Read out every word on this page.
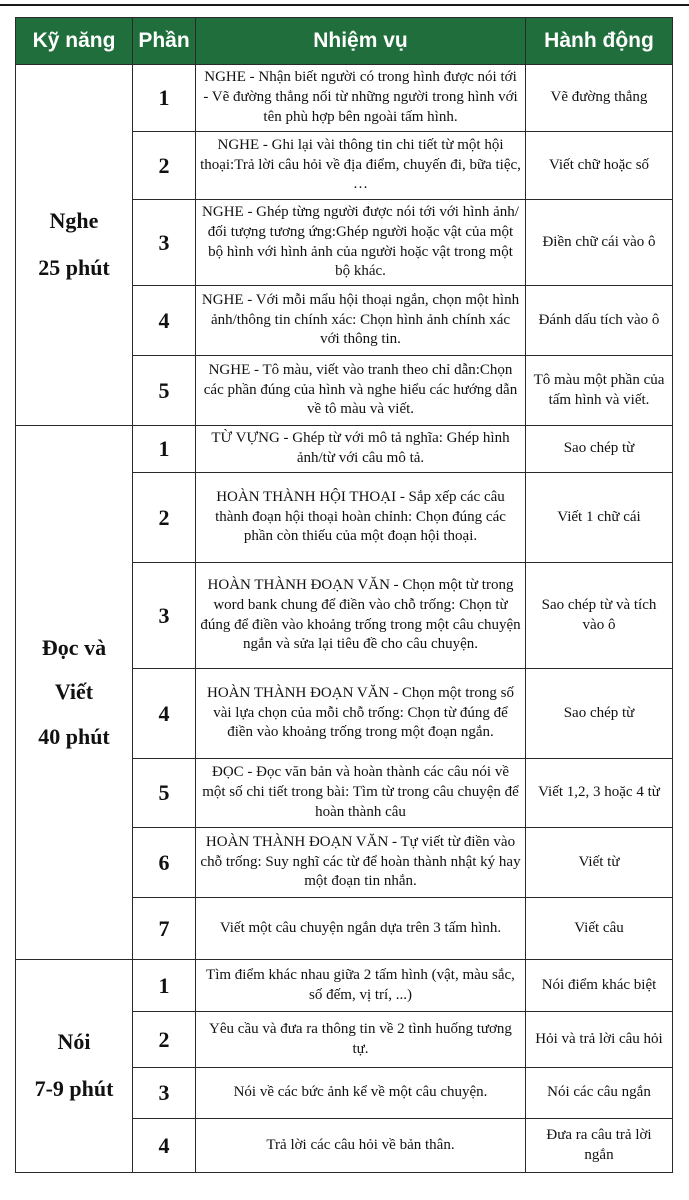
Kỹ năng	Phần	Nhiệm vụ	Hành động

Nghe
25 phút	1	NGHE - Nhận biết người có trong hình được nói tới - Vẽ đường thẳng nối từ những người trong hình với tên phù hợp bên ngoài tấm hình.	Vẽ đường thẳng
	2	NGHE - Ghi lại vài thông tin chi tiết từ một hội thoại:Trả lời câu hỏi về địa điểm, chuyến đi, bữa tiệc, …	Viết chữ hoặc số
	3	NGHE - Ghép từng người được nói tới với hình ảnh/đối tượng tương ứng:Ghép người hoặc vật của một bộ hình với hình ảnh của người hoặc vật trong một bộ khác.	Điền chữ cái vào ô
	4	NGHE - Với mỗi mẩu hội thoại ngắn, chọn một hình ảnh/thông tin chính xác: Chọn hình ảnh chính xác với thông tin.	Đánh dấu tích vào ô
	5	NGHE - Tô màu, viết vào tranh theo chỉ dẫn:Chọn các phần đúng của hình và nghe hiểu các hướng dẫn về tô màu và viết.	Tô màu một phần của tấm hình và viết.

Đọc và
Viết
40 phút	1	TỪ VỰNG - Ghép từ với mô tả nghĩa: Ghép hình ảnh/từ với câu mô tả.	Sao chép từ
	2	HOÀN THÀNH HỘI THOẠI - Sắp xếp các câu thành đoạn hội thoại hoàn chỉnh: Chọn đúng các phần còn thiếu của một đoạn hội thoại.	Viết 1 chữ cái
	3	HOÀN THÀNH ĐOẠN VĂN - Chọn một từ trong word bank chung để điền vào chỗ trống: Chọn từ đúng để điền vào khoảng trống trong một câu chuyện ngắn và sửa lại tiêu đề cho câu chuyện.	Sao chép từ và tích vào ô
	4	HOÀN THÀNH ĐOẠN VĂN - Chọn một trong số vài lựa chọn của mỗi chỗ trống: Chọn từ đúng để điền vào khoảng trống trong một đoạn ngắn.	Sao chép từ
	5	ĐỌC - Đọc văn bản và hoàn thành các câu nói về một số chi tiết trong bài: Tìm từ trong câu chuyện để hoàn thành câu	Viết 1,2, 3 hoặc 4 từ
	6	HOÀN THÀNH ĐOẠN VĂN - Tự viết từ điền vào chỗ trống: Suy nghĩ các từ để hoàn thành nhật ký hay một đoạn tin nhắn.	Viết từ
	7	Viết một câu chuyện ngắn dựa trên 3 tấm hình.	Viết câu

Nói
7-9 phút	1	Tìm điểm khác nhau giữa 2 tấm hình (vật, màu sắc, số đếm, vị trí, ...)	Nói điểm khác biệt
	2	Yêu cầu và đưa ra thông tin về 2 tình huống tương tự.	Hỏi và trả lời câu hỏi
	3	Nói về các bức ảnh kể về một câu chuyện.	Nói các câu ngắn
	4	Trả lời các câu hỏi về bản thân.	Đưa ra câu trả lời ngắn
